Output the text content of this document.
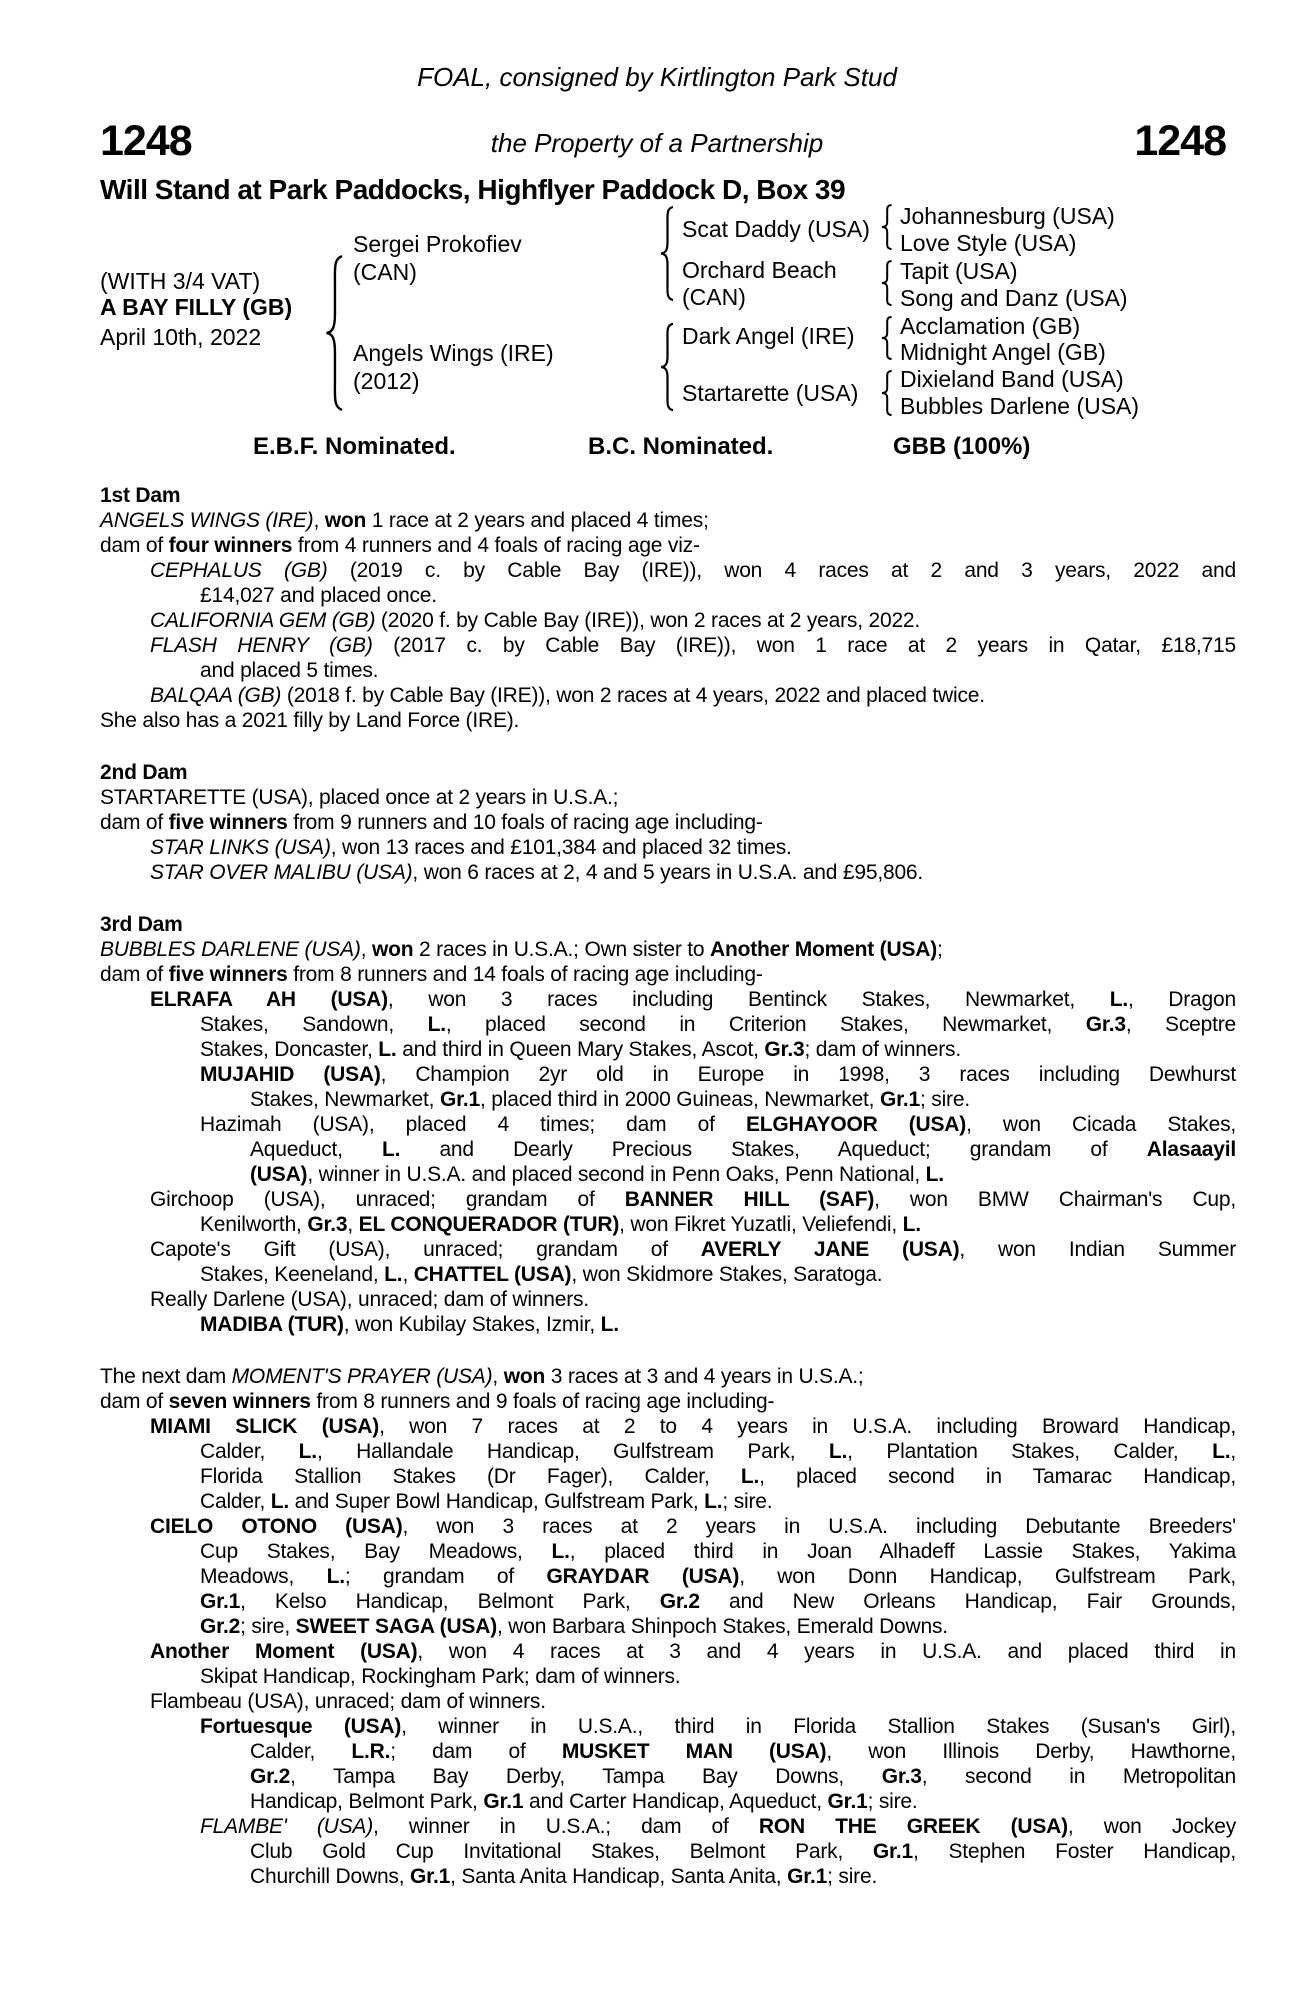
FOAL, consigned by Kirtlington Park Stud
1248	1248
the Property of a Partnership
Will Stand at Park Paddocks, Highflyer Paddock D, Box 39
(WITH 3/4 VAT)
A BAY FILLY (GB)
April 10th, 2022
Sergei Prokofiev
(CAN)
Angels Wings (IRE)
(2012)
Scat Daddy (USA)
Orchard Beach
(CAN)
Dark Angel (IRE)
Startarette (USA)
Johannesburg (USA)
Love Style (USA)
Tapit (USA)
Song and Danz (USA)
Acclamation (GB)
Midnight Angel (GB)
Dixieland Band (USA)
Bubbles Darlene (USA)
E.B.F. Nominated.	B.C. Nominated.	GBB (100%)
1st Dam
ANGELS WINGS (IRE), won 1 race at 2 years and placed 4 times;
dam of four winners from 4 runners and 4 foals of racing age viz-
CEPHALUS (GB) (2019 c. by Cable Bay (IRE)), won 4 races at 2 and 3 years, 2022 and
£14,027 and placed once.
CALIFORNIA GEM (GB) (2020 f. by Cable Bay (IRE)), won 2 races at 2 years, 2022.
FLASH HENRY (GB) (2017 c. by Cable Bay (IRE)), won 1 race at 2 years in Qatar, £18,715
and placed 5 times.
BALQAA (GB) (2018 f. by Cable Bay (IRE)), won 2 races at 4 years, 2022 and placed twice.
She also has a 2021 filly by Land Force (IRE).
2nd Dam
STARTARETTE (USA), placed once at 2 years in U.S.A.;
dam of five winners from 9 runners and 10 foals of racing age including-
STAR LINKS (USA), won 13 races and £101,384 and placed 32 times.
STAR OVER MALIBU (USA), won 6 races at 2, 4 and 5 years in U.S.A. and £95,806.
3rd Dam
BUBBLES DARLENE (USA), won 2 races in U.S.A.; Own sister to Another Moment (USA);
dam of five winners from 8 runners and 14 foals of racing age including-
ELRAFA AH (USA), won 3 races including Bentinck Stakes, Newmarket, L., Dragon
Stakes, Sandown, L., placed second in Criterion Stakes, Newmarket, Gr.3, Sceptre
Stakes, Doncaster, L. and third in Queen Mary Stakes, Ascot, Gr.3; dam of winners.
MUJAHID (USA), Champion 2yr old in Europe in 1998, 3 races including Dewhurst
Stakes, Newmarket, Gr.1, placed third in 2000 Guineas, Newmarket, Gr.1; sire.
Hazimah (USA), placed 4 times; dam of ELGHAYOOR (USA), won Cicada Stakes,
Aqueduct, L. and Dearly Precious Stakes, Aqueduct; grandam of Alasaayil
(USA), winner in U.S.A. and placed second in Penn Oaks, Penn National, L.
Girchoop (USA), unraced; grandam of BANNER HILL (SAF), won BMW Chairman's Cup,
Kenilworth, Gr.3, EL CONQUERADOR (TUR), won Fikret Yuzatli, Veliefendi, L.
Capote's Gift (USA), unraced; grandam of AVERLY JANE (USA), won Indian Summer
Stakes, Keeneland, L., CHATTEL (USA), won Skidmore Stakes, Saratoga.
Really Darlene (USA), unraced; dam of winners.
MADIBA (TUR), won Kubilay Stakes, Izmir, L.
The next dam MOMENT'S PRAYER (USA), won 3 races at 3 and 4 years in U.S.A.;
dam of seven winners from 8 runners and 9 foals of racing age including-
MIAMI SLICK (USA), won 7 races at 2 to 4 years in U.S.A. including Broward Handicap,
Calder, L., Hallandale Handicap, Gulfstream Park, L., Plantation Stakes, Calder, L.,
Florida Stallion Stakes (Dr Fager), Calder, L., placed second in Tamarac Handicap,
Calder, L. and Super Bowl Handicap, Gulfstream Park, L.; sire.
CIELO OTONO (USA), won 3 races at 2 years in U.S.A. including Debutante Breeders'
Cup Stakes, Bay Meadows, L., placed third in Joan Alhadeff Lassie Stakes, Yakima
Meadows, L.; grandam of GRAYDAR (USA), won Donn Handicap, Gulfstream Park,
Gr.1, Kelso Handicap, Belmont Park, Gr.2 and New Orleans Handicap, Fair Grounds,
Gr.2; sire, SWEET SAGA (USA), won Barbara Shinpoch Stakes, Emerald Downs.
Another Moment (USA), won 4 races at 3 and 4 years in U.S.A. and placed third in
Skipat Handicap, Rockingham Park; dam of winners.
Flambeau (USA), unraced; dam of winners.
Fortuesque (USA), winner in U.S.A., third in Florida Stallion Stakes (Susan's Girl),
Calder, L.R.; dam of MUSKET MAN (USA), won Illinois Derby, Hawthorne,
Gr.2, Tampa Bay Derby, Tampa Bay Downs, Gr.3, second in Metropolitan
Handicap, Belmont Park, Gr.1 and Carter Handicap, Aqueduct, Gr.1; sire.
FLAMBE' (USA), winner in U.S.A.; dam of RON THE GREEK (USA), won Jockey
Club Gold Cup Invitational Stakes, Belmont Park, Gr.1, Stephen Foster Handicap,
Churchill Downs, Gr.1, Santa Anita Handicap, Santa Anita, Gr.1; sire.
